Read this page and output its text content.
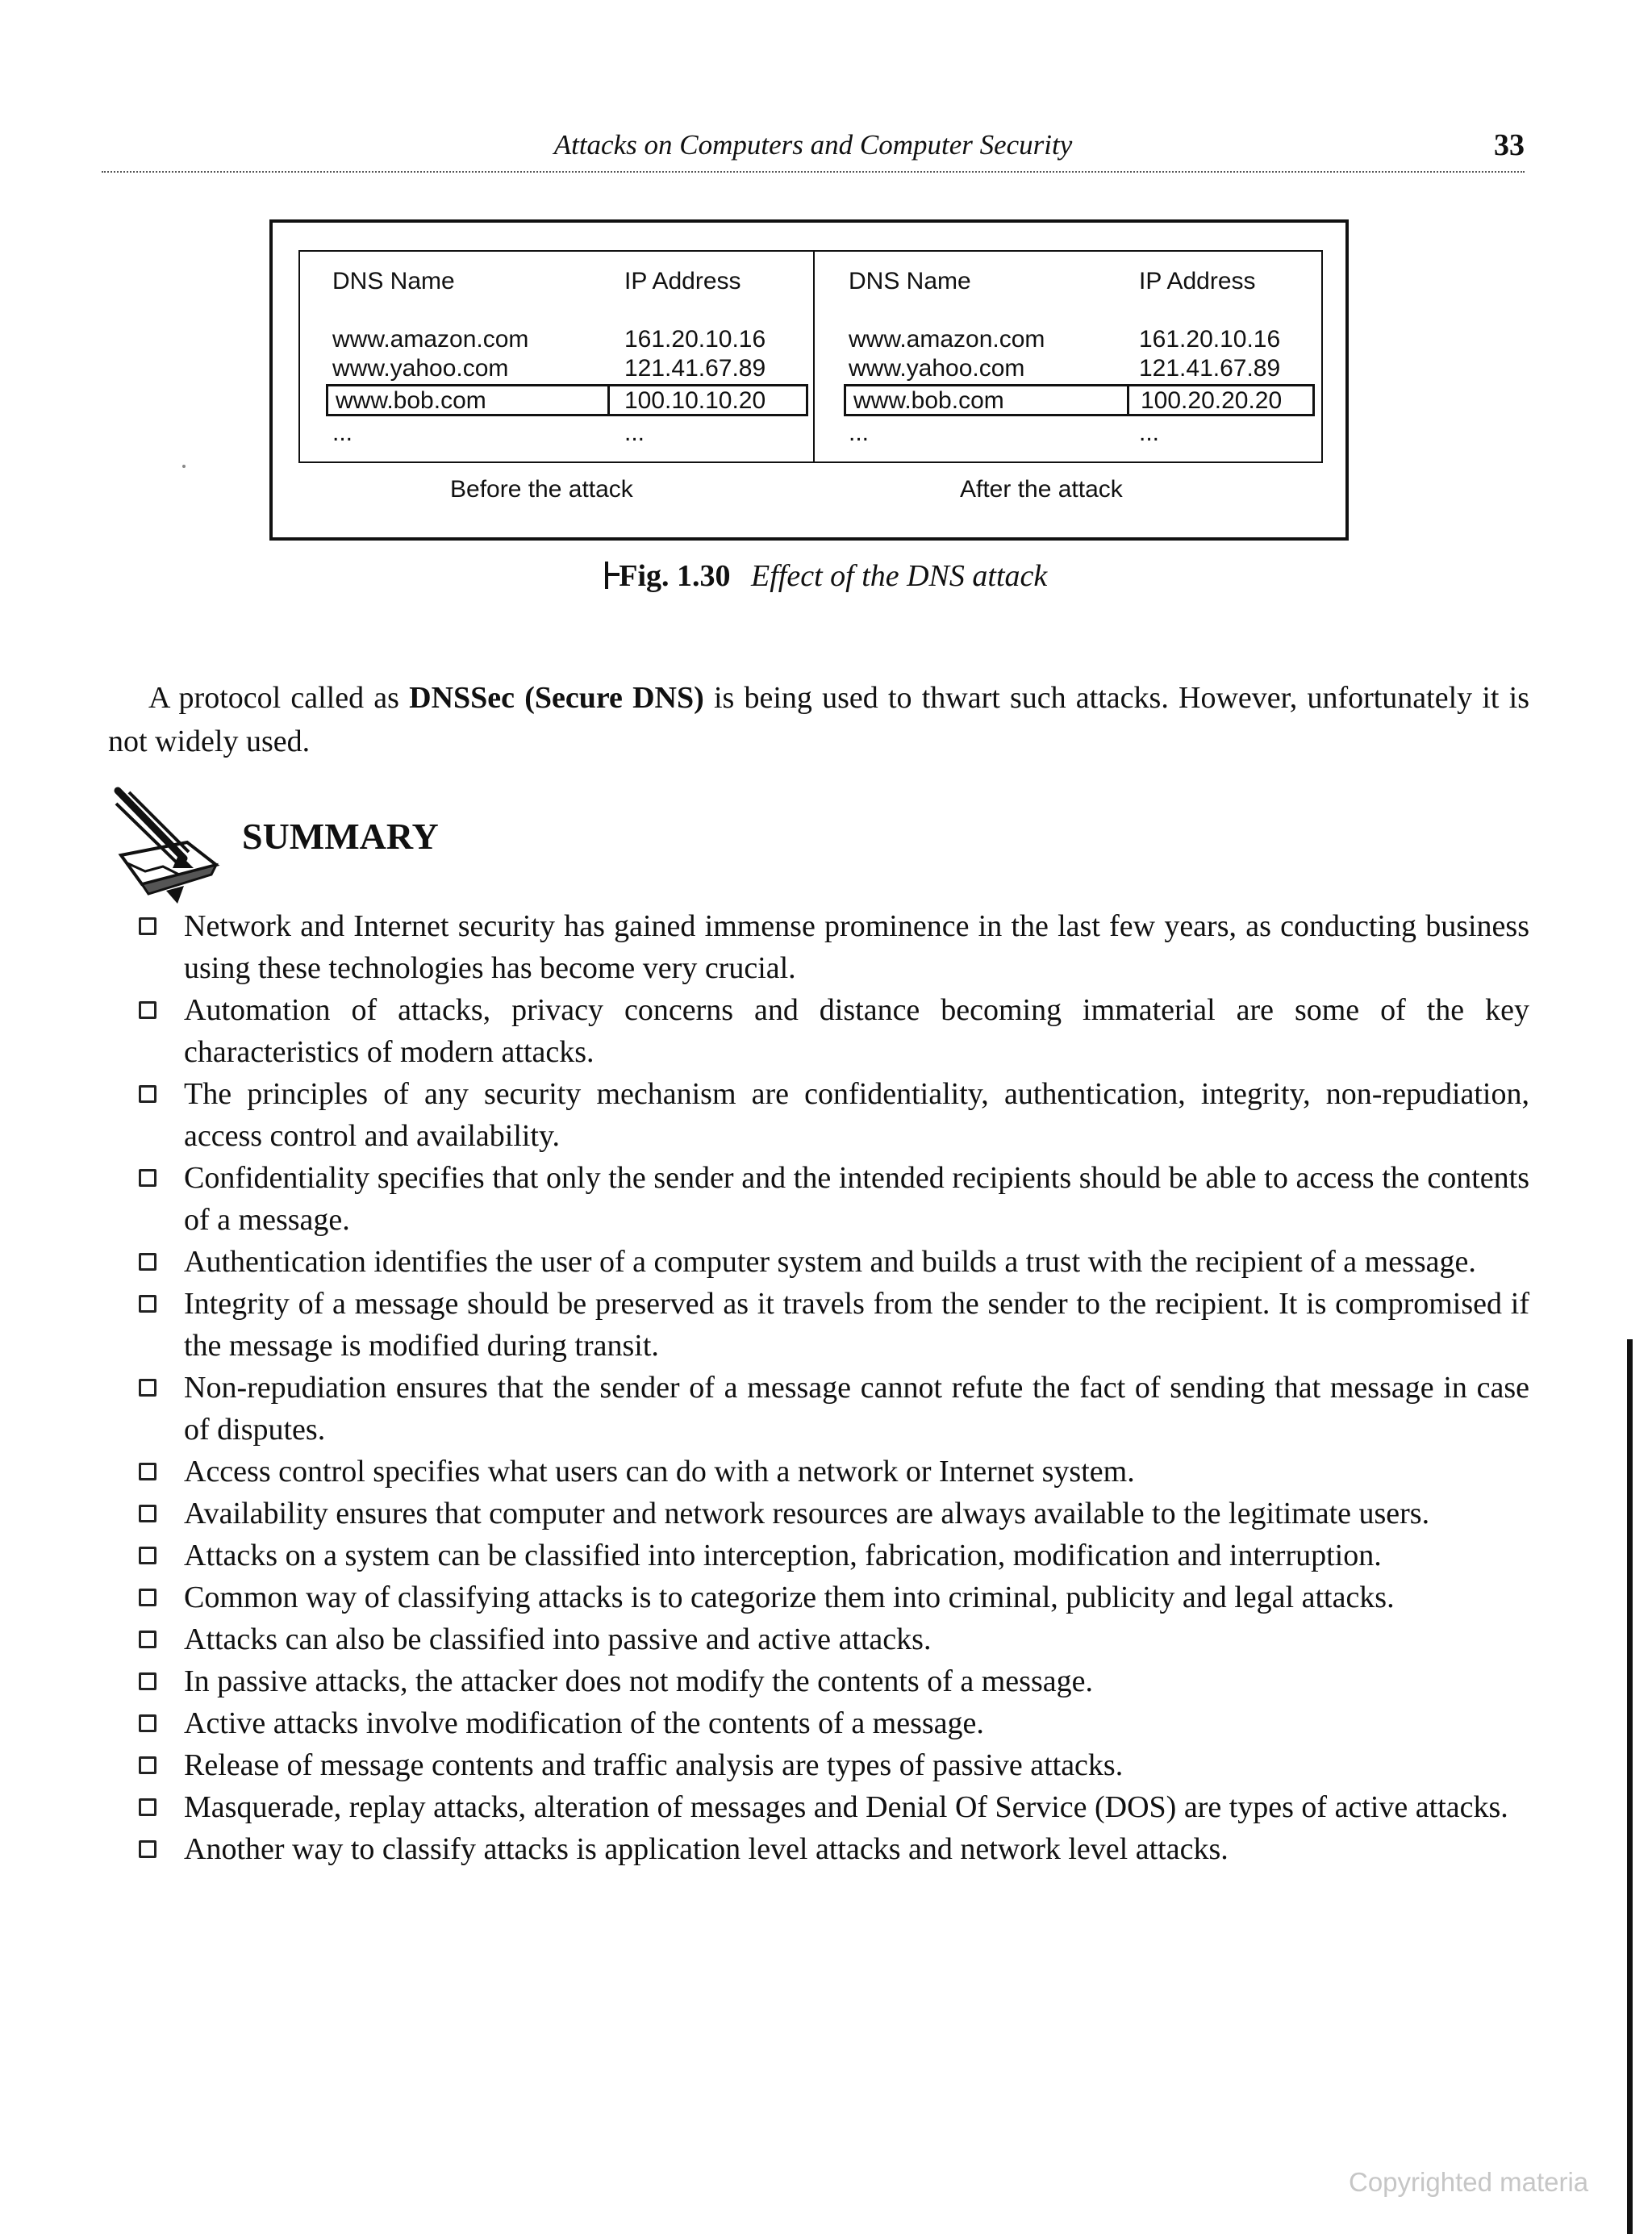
Attacks on Computers and Computer Security	33
DNS Name	IP Address
www.amazon.com	161.20.10.16
www.yahoo.com	121.41.67.89
www.bob.com	100.10.10.20
...	...
Before the attack
DNS Name	IP Address
www.amazon.com	161.20.10.16
www.yahoo.com	121.41.67.89
www.bob.com	100.20.20.20
...	...
After the attack
Fig. 1.30 Effect of the DNS attack

A protocol called as DNSSec (Secure DNS) is being used to thwart such attacks. However, unfortunately it is not widely used.

SUMMARY
Network and Internet security has gained immense prominence in the last few years, as conducting business using these technologies has become very crucial.
Automation of attacks, privacy concerns and distance becoming immaterial are some of the key characteristics of modern attacks.
The principles of any security mechanism are confidentiality, authentication, integrity, non-repudiation, access control and availability.
Confidentiality specifies that only the sender and the intended recipients should be able to access the contents of a message.
Authentication identifies the user of a computer system and builds a trust with the recipient of a message.
Integrity of a message should be preserved as it travels from the sender to the recipient. It is compromised if the message is modified during transit.
Non-repudiation ensures that the sender of a message cannot refute the fact of sending that message in case of disputes.
Access control specifies what users can do with a network or Internet system.
Availability ensures that computer and network resources are always available to the legitimate users.
Attacks on a system can be classified into interception, fabrication, modification and interruption.
Common way of classifying attacks is to categorize them into criminal, publicity and legal attacks.
Attacks can also be classified into passive and active attacks.
In passive attacks, the attacker does not modify the contents of a message.
Active attacks involve modification of the contents of a message.
Release of message contents and traffic analysis are types of passive attacks.
Masquerade, replay attacks, alteration of messages and Denial Of Service (DOS) are types of active attacks.
Another way to classify attacks is application level attacks and network level attacks.
Copyrighted materia
